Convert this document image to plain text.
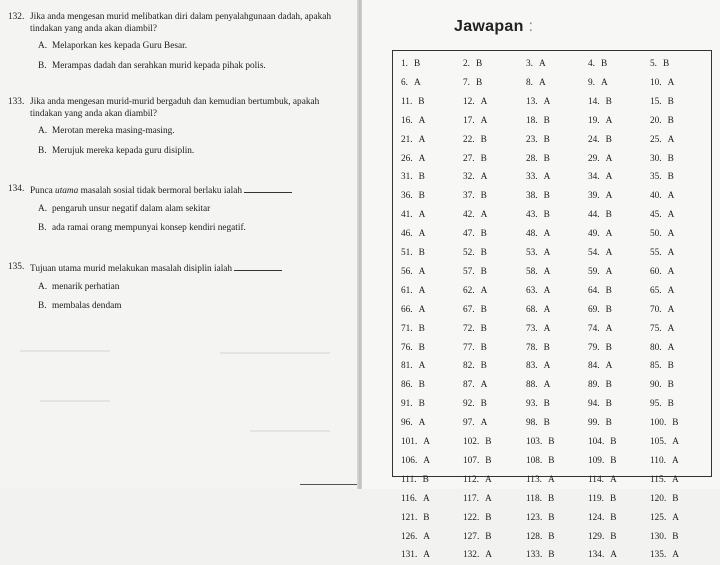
132. Jika anda mengesan murid melibatkan diri dalam penyalahgunaan dadah, apakah tindakan yang anda akan diambil?
A. Melaporkan kes kepada Guru Besar.
B. Merampas dadah dan serahkan murid kepada pihak polis.
133. Jika anda mengesan murid-murid bergaduh dan kemudian bertumbuk, apakah tindakan yang anda akan diambil?
A. Merotan mereka masing-masing.
B. Merujuk mereka kepada guru disiplin.
134. Punca utama masalah sosial tidak bermoral berlaku ialah
A. pengaruh unsur negatif dalam alam sekitar
B. ada ramai orang mempunyai konsep kendiri negatif.
135. Tujuan utama murid melakukan masalah disiplin ialah
A. menarik perhatian
B. membalas dendam
Jawapan :
1. B	2. B	3. A	4. B	5. B
6. A	7. B	8. A	9. A	10. A
11. B	12. A	13. A	14. B	15. B
16. A	17. A	18. B	19. A	20. B
21. A	22. B	23. B	24. B	25. A
26. A	27. B	28. B	29. A	30. B
31. B	32. A	33. A	34. A	35. B
36. B	37. B	38. B	39. A	40. A
41. A	42. A	43. B	44. B	45. A
46. A	47. B	48. A	49. A	50. A
51. B	52. B	53. A	54. A	55. A
56. A	57. B	58. A	59. A	60. A
61. A	62. A	63. A	64. B	65. A
66. A	67. B	68. A	69. B	70. A
71. B	72. B	73. A	74. A	75. A
76. B	77. B	78. B	79. B	80. A
81. A	82. B	83. A	84. A	85. B
86. B	87. A	88. A	89. B	90. B
91. B	92. B	93. B	94. B	95. B
96. A	97. A	98. B	99. B	100. B
101. A	102. B	103. B	104. B	105. A
106. A	107. B	108. B	109. B	110. A
111. B	112. A	113. A	114. A	115. A
116. A	117. A	118. B	119. B	120. B
121. B	122. B	123. B	124. B	125. A
126. A	127. B	128. B	129. B	130. B
131. A	132. A	133. B	134. A	135. A
